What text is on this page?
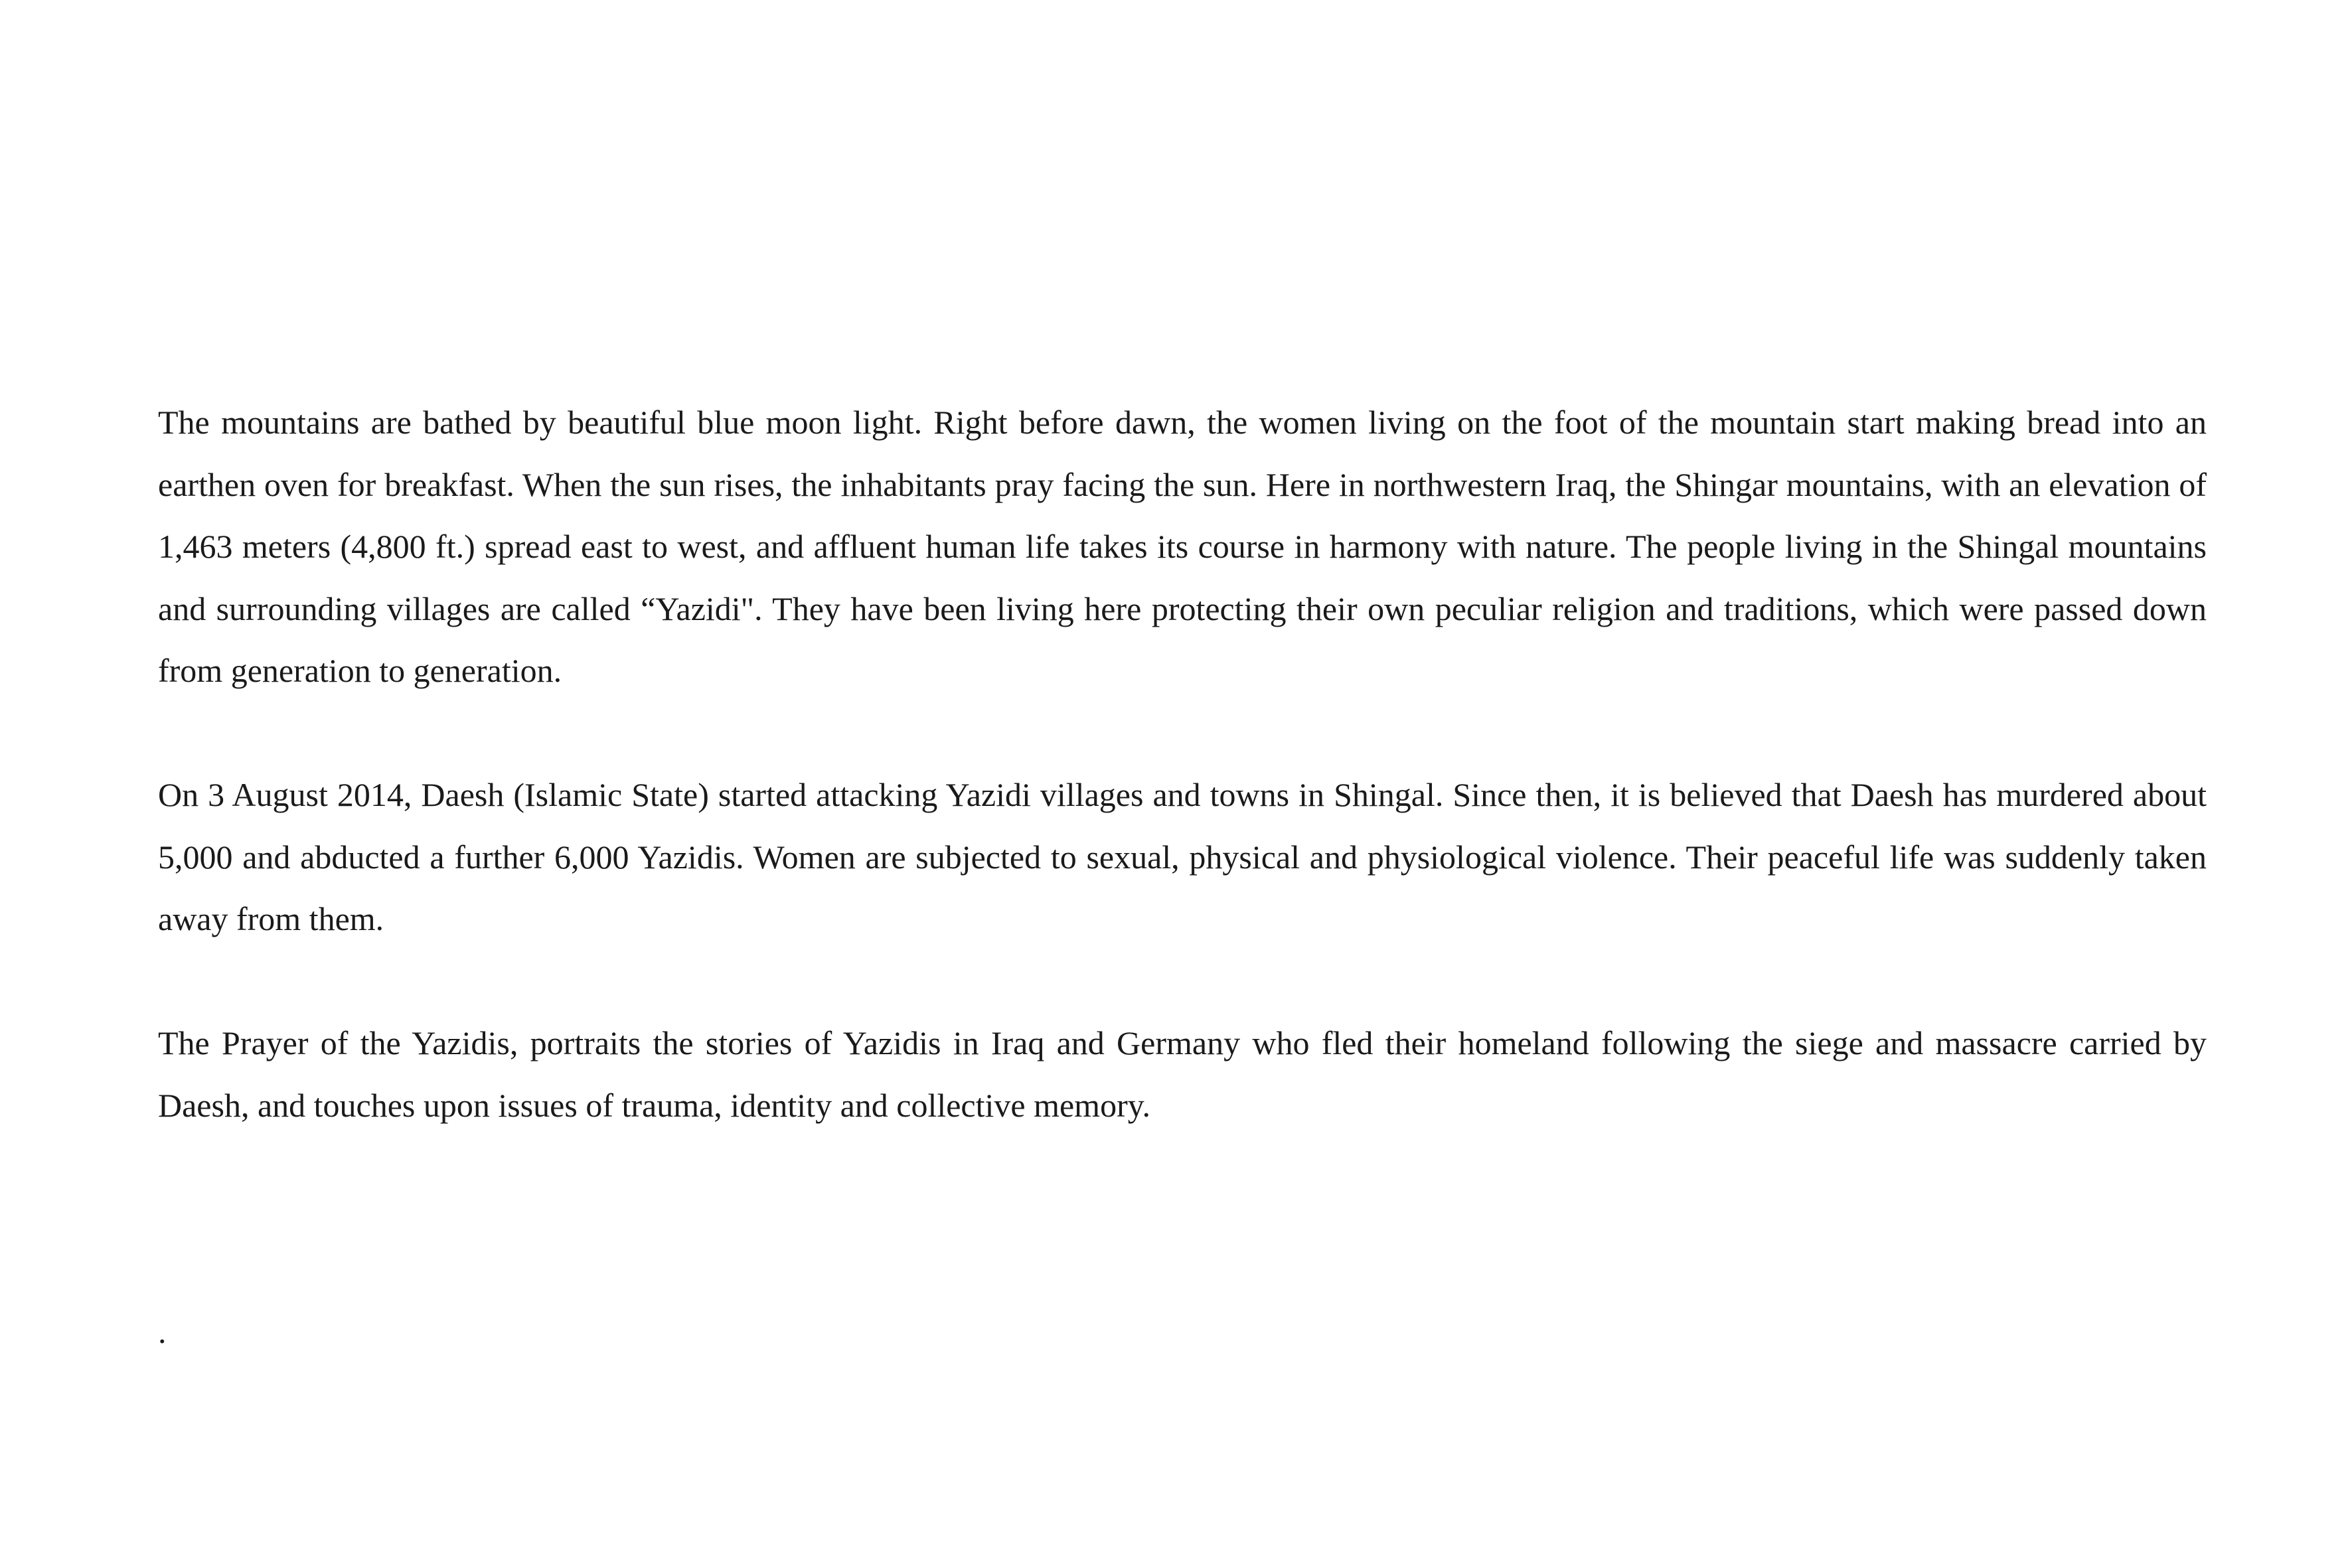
The mountains are bathed by beautiful blue moon light. Right before dawn, the women living on the foot of the mountain start making bread into an earthen oven for breakfast. When the sun rises, the inhabitants pray facing the sun. Here in northwestern Iraq, the Shingar mountains, with an elevation of 1,463 meters (4,800 ft.) spread east to west, and affluent human life takes its course in harmony with nature. The people living in the Shingal mountains and surrounding villages are called “Yazidi". They have been living here protecting their own peculiar religion and traditions, which were passed down from generation to generation.

On 3 August 2014, Daesh (Islamic State) started attacking Yazidi villages and towns in Shingal. Since then, it is believed that Daesh has murdered about 5,000 and abducted a further 6,000 Yazidis. Women are subjected to sexual, physical and physiological violence. Their peaceful life was suddenly taken away from them.

The Prayer of the Yazidis, portraits the stories of Yazidis in Iraq and Germany who fled their homeland following the siege and massacre carried by Daesh, and touches upon issues of trauma, identity and collective memory.

.
